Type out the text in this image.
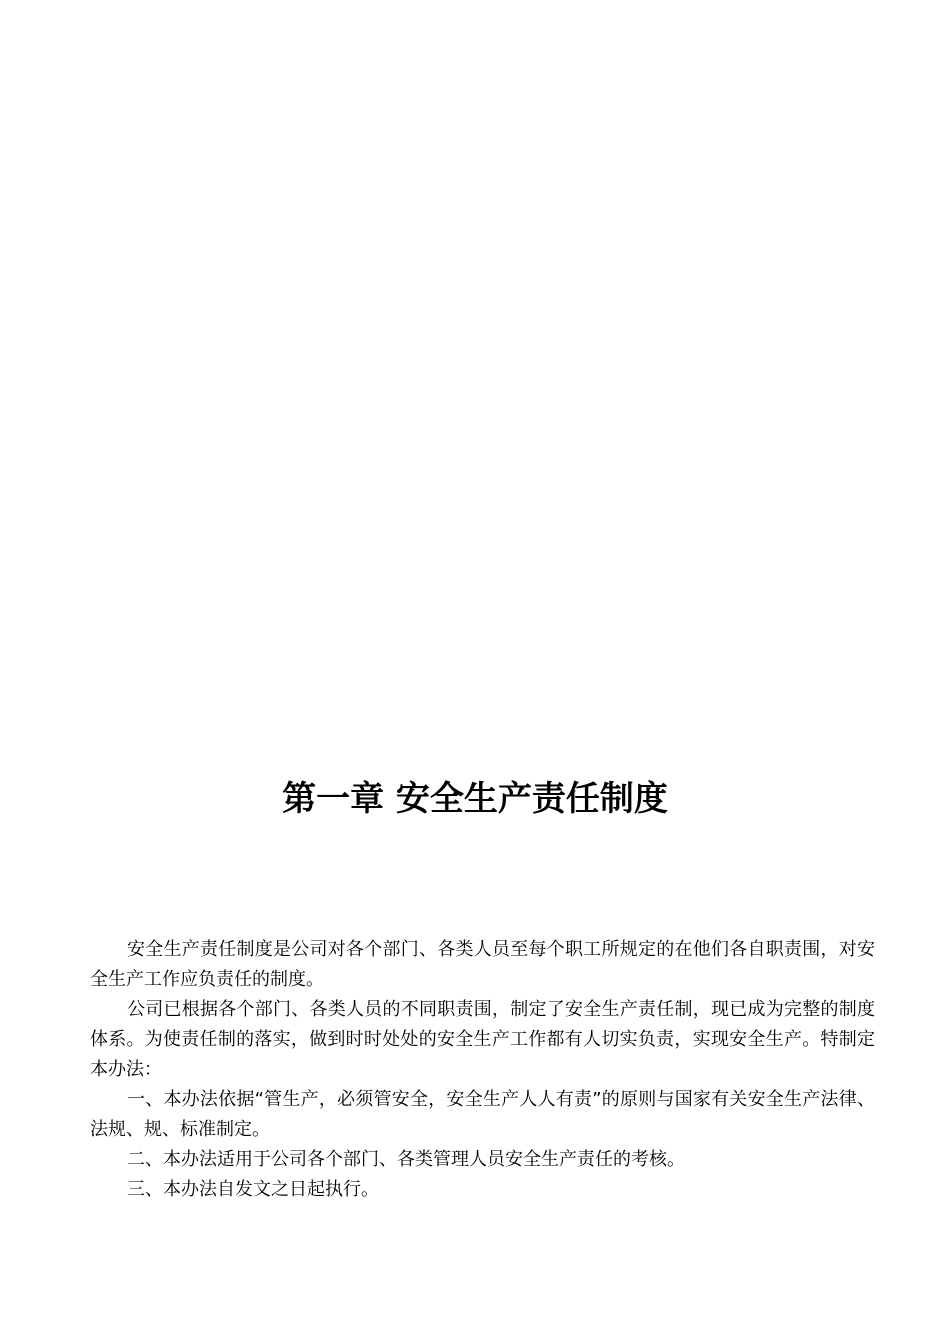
第一章 安全生产责任制度

安全生产责任制度是公司对各个部门、各类人员至每个职工所规定的在他们各自职责围，对安全生产工作应负责任的制度。

公司已根据各个部门、各类人员的不同职责围，制定了安全生产责任制，现已成为完整的制度体系。为使责任制的落实，做到时时处处的安全生产工作都有人切实负责，实现安全生产。特制定本办法：

一、本办法依据“管生产，必须管安全，安全生产人人有责”的原则与国家有关安全生产法律、法规、规、标准制定。

二、本办法适用于公司各个部门、各类管理人员安全生产责任的考核。

三、本办法自发文之日起执行。
